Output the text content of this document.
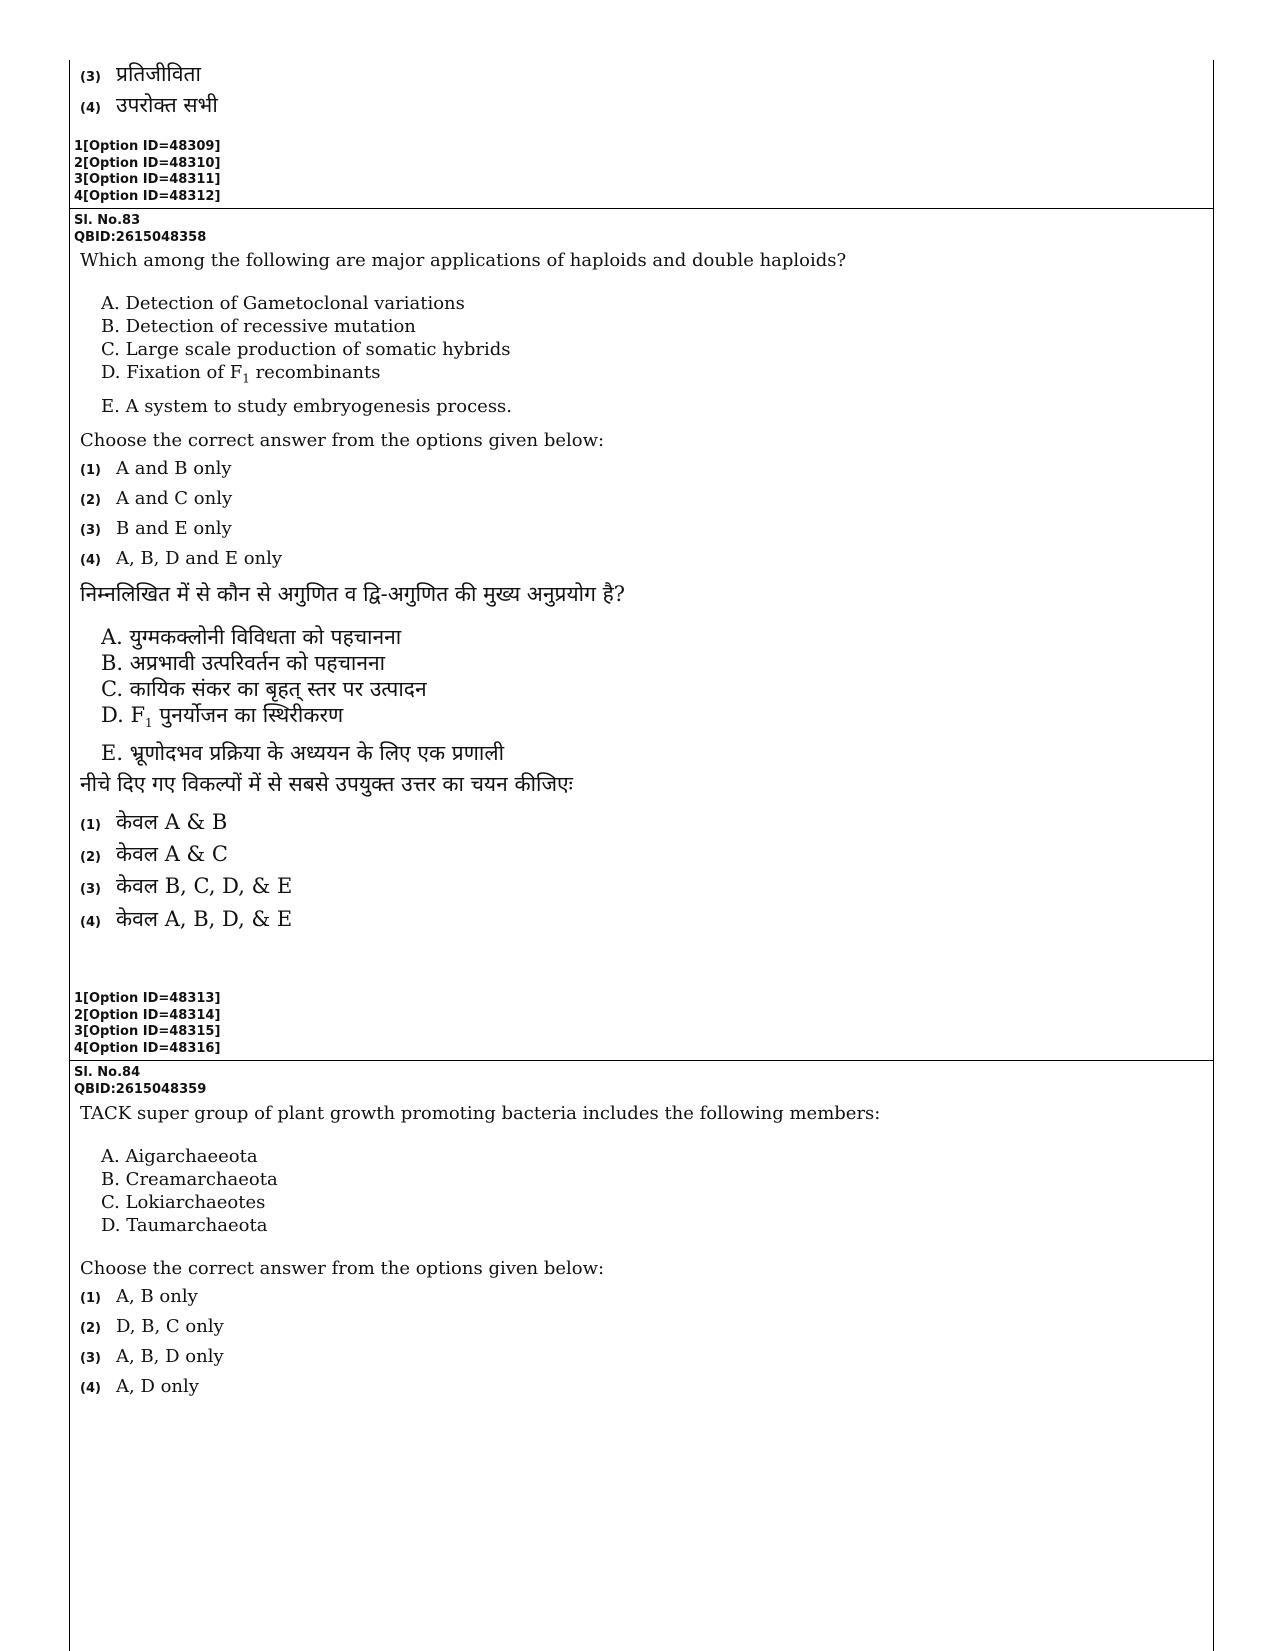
(3) प्रतिजीविता
(4) उपरोक्त सभी
1[Option ID=48309]
2[Option ID=48310]
3[Option ID=48311]
4[Option ID=48312]
Sl. No.83
QBID:2615048358
Which among the following are major applications of haploids and double haploids?
A. Detection of Gametoclonal variations
B. Detection of recessive mutation
C. Large scale production of somatic hybrids
D. Fixation of $F_1$ recombinants
E. A system to study embryogenesis process.
Choose the correct answer from the options given below:
(1) A and B only
(2) A and C only
(3) B and E only
(4) A, B, D and E only
निम्नलिखित में से कौन से अगुणित व द्वि-अगुणित की मुख्य अनुप्रयोग है?
A. युग्मकक्लोनी विविधता को पहचानना
B. अप्रभावी उत्परिवर्तन को पहचानना
C. कायिक संकर का बृहत् स्तर पर उत्पादन
D. $F_1$ पुनर्योजन का स्थिरीकरण
E. भ्रूणोदभव प्रक्रिया के अध्ययन के लिए एक प्रणाली
नीचे दिए गए विकल्पों में से सबसे उपयुक्त उत्तर का चयन कीजिएः
(1) केवल A & B
(2) केवल A & C
(3) केवल B, C, D, & E
(4) केवल A, B, D, & E
1[Option ID=48313]
2[Option ID=48314]
3[Option ID=48315]
4[Option ID=48316]
Sl. No.84
QBID:2615048359
TACK super group of plant growth promoting bacteria includes the following members:
A. Aigarchaeeota
B. Creamarchaeota
C. Lokiarchaeotes
D. Taumarchaeota
Choose the correct answer from the options given below:
(1) A, B only
(2) D, B, C only
(3) A, B, D only
(4) A, D only
